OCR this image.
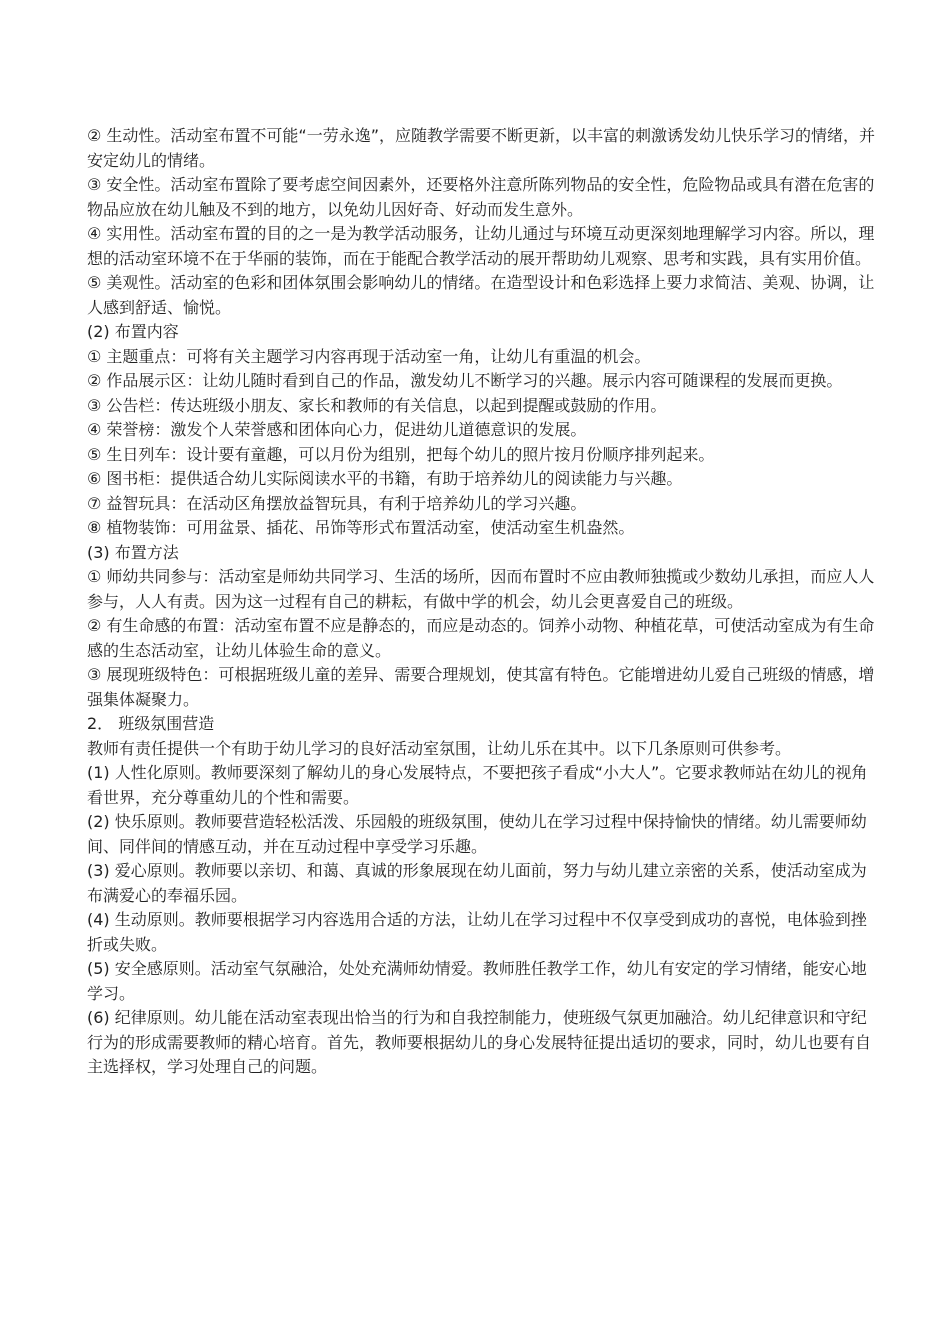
② 生动性。活动室布置不可能“一劳永逸”，应随教学需要不断更新，以丰富的刺激诱发幼儿快乐学习的情绪，并安定幼儿的情绪。

③ 安全性。活动室布置除了要考虑空间因素外，还要格外注意所陈列物品的安全性，危险物品或具有潜在危害的物品应放在幼儿触及不到的地方，以免幼儿因好奇、好动而发生意外。

④ 实用性。活动室布置的目的之一是为教学活动服务，让幼儿通过与环境互动更深刻地理解学习内容。所以，理想的活动室环境不在于华丽的装饰，而在于能配合教学活动的展开帮助幼儿观察、思考和实践，具有实用价值。

⑤ 美观性。活动室的色彩和团体氛围会影响幼儿的情绪。在造型设计和色彩选择上要力求简洁、美观、协调，让人感到舒适、愉悦。

(2) 布置内容

① 主题重点：可将有关主题学习内容再现于活动室一角，让幼儿有重温的机会。

② 作品展示区：让幼儿随时看到自己的作品，激发幼儿不断学习的兴趣。展示内容可随课程的发展而更换。

③ 公告栏：传达班级小朋友、家长和教师的有关信息，以起到提醒或鼓励的作用。

④ 荣誉榜：激发个人荣誉感和团体向心力，促进幼儿道德意识的发展。

⑤ 生日列车：设计要有童趣，可以月份为组别，把每个幼儿的照片按月份顺序排列起来。

⑥ 图书柜：提供适合幼儿实际阅读水平的书籍，有助于培养幼儿的阅读能力与兴趣。

⑦ 益智玩具：在活动区角摆放益智玩具，有利于培养幼儿的学习兴趣。

⑧ 植物装饰：可用盆景、插花、吊饰等形式布置活动室，使活动室生机盎然。

(3) 布置方法

① 师幼共同参与：活动室是师幼共同学习、生活的场所，因而布置时不应由教师独揽或少数幼儿承担，而应人人参与，人人有责。因为这一过程有自己的耕耘，有做中学的机会，幼儿会更喜爱自己的班级。

② 有生命感的布置：活动室布置不应是静态的，而应是动态的。饲养小动物、种植花草，可使活动室成为有生命感的生态活动室，让幼儿体验生命的意义。

③ 展现班级特色：可根据班级儿童的差异、需要合理规划，使其富有特色。它能增进幼儿爱自己班级的情感，增强集体凝聚力。

2． 班级氛围营造

教师有责任提供一个有助于幼儿学习的良好活动室氛围，让幼儿乐在其中。以下几条原则可供参考。

(1) 人性化原则。教师要深刻了解幼儿的身心发展特点，不要把孩子看成“小大人”。它要求教师站在幼儿的视角看世界，充分尊重幼儿的个性和需要。

(2) 快乐原则。教师要营造轻松活泼、乐园般的班级氛围，使幼儿在学习过程中保持愉快的情绪。幼儿需要师幼间、同伴间的情感互动，并在互动过程中享受学习乐趣。

(3) 爱心原则。教师要以亲切、和蔼、真诚的形象展现在幼儿面前，努力与幼儿建立亲密的关系，使活动室成为布满爱心的奉福乐园。

(4) 生动原则。教师要根据学习内容选用合适的方法，让幼儿在学习过程中不仅享受到成功的喜悦，电体验到挫折或失败。

(5) 安全感原则。活动室气氛融洽，处处充满师幼情爱。教师胜任教学工作，幼儿有安定的学习情绪，能安心地学习。

(6) 纪律原则。幼儿能在活动室表现出恰当的行为和自我控制能力，使班级气氛更加融洽。幼儿纪律意识和守纪行为的形成需要教师的精心培育。首先，教师要根据幼儿的身心发展特征提出适切的要求，同时，幼儿也要有自主选择权，学习处理自己的问题。
